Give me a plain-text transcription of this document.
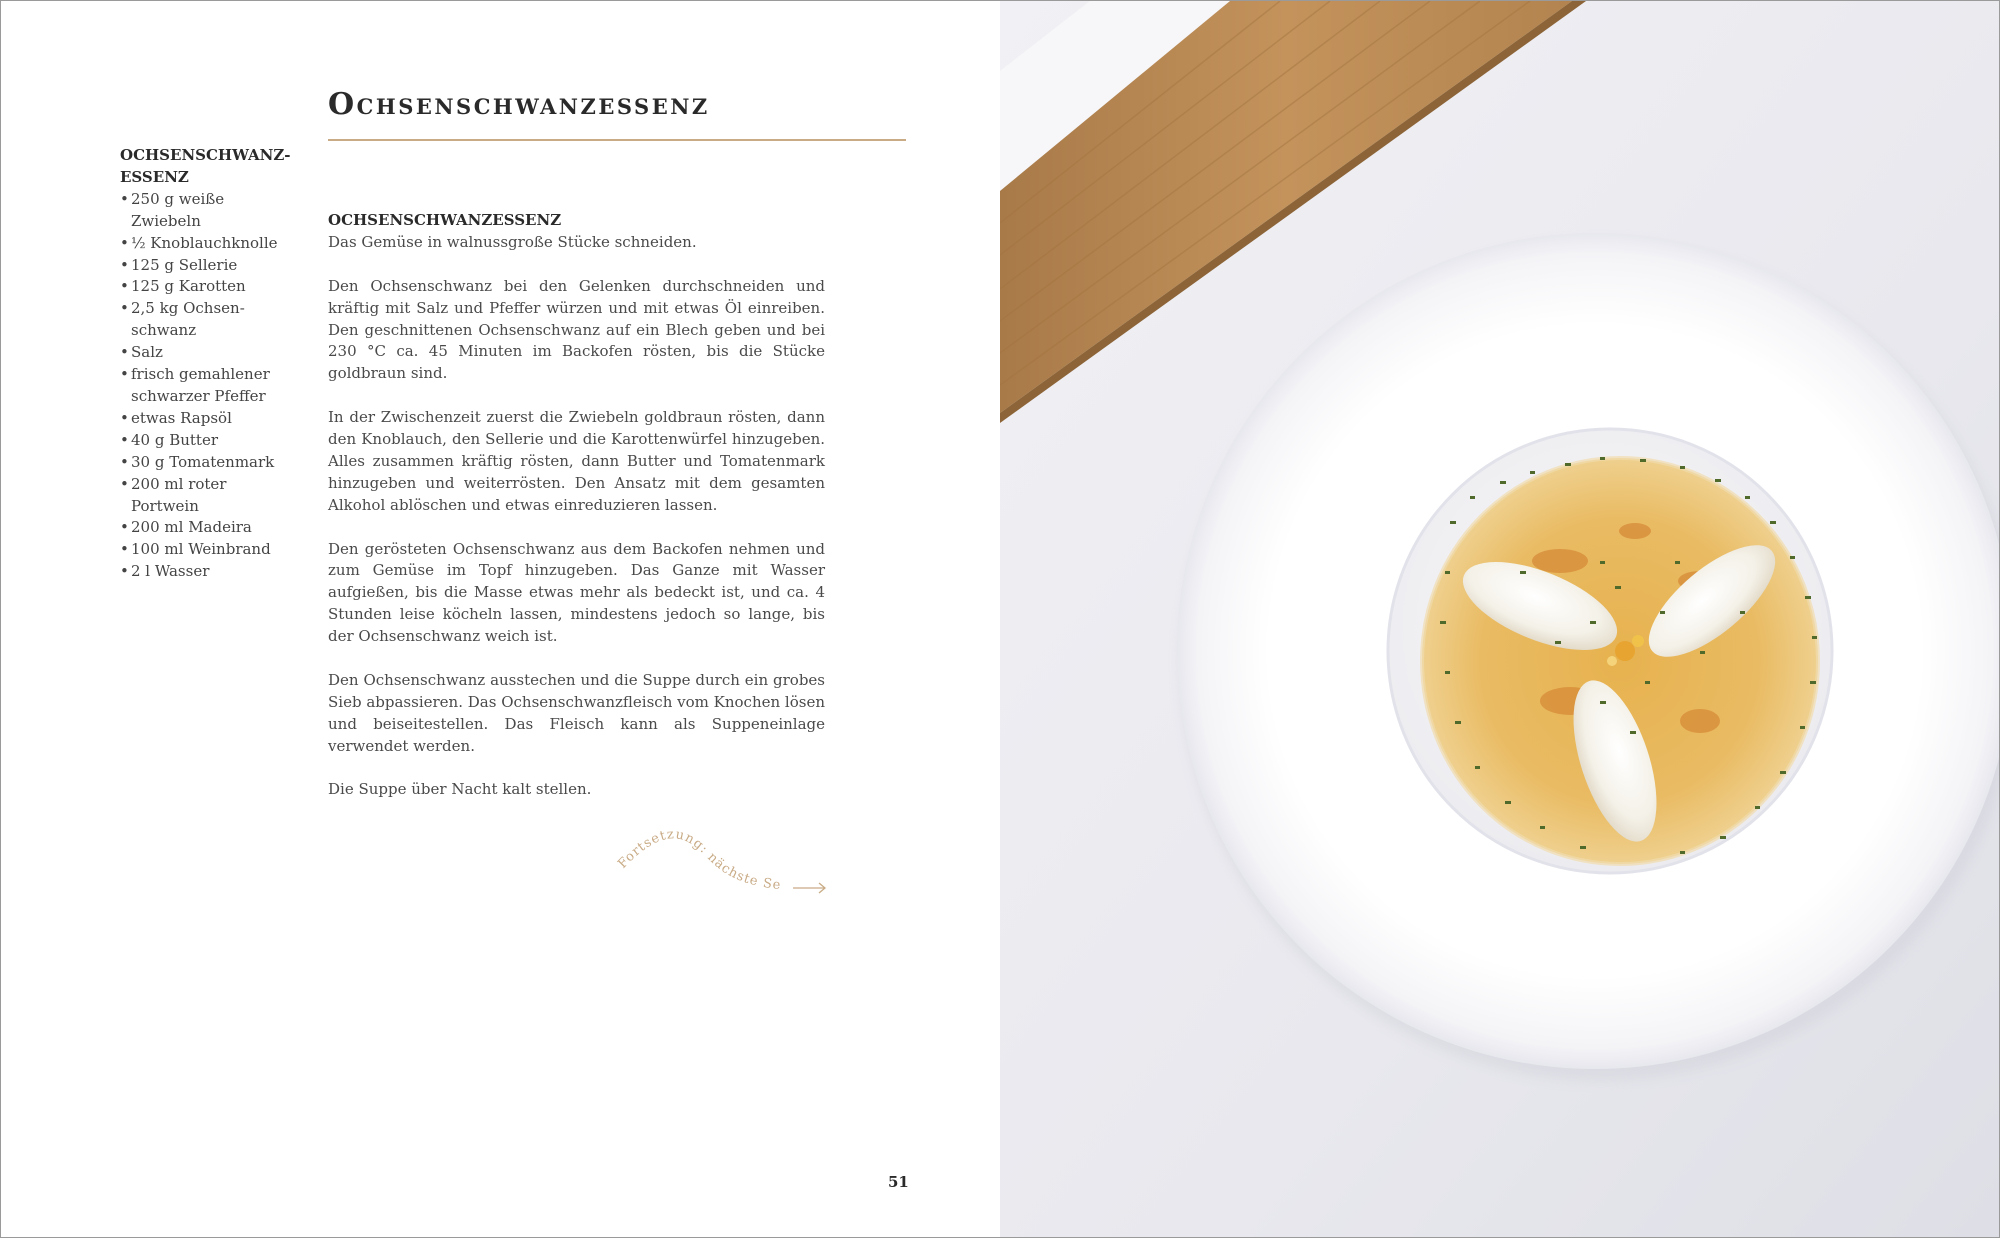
Ochsenschwanzessenz

OCHSENSCHWANZ-
ESSENZ

• 250 g weiße Zwiebeln
• ½ Knoblauchknolle
• 125 g Sellerie
• 125 g Karotten
• 2,5 kg Ochsenschwanz
• Salz
• frisch gemahlener schwarzer Pfeffer
• etwas Rapsöl
• 40 g Butter
• 30 g Tomatenmark
• 200 ml roter Portwein
• 200 ml Madeira
• 100 ml Weinbrand
• 2 l Wasser

OCHSENSCHWANZESSENZ

Das Gemüse in walnussgroße Stücke schneiden.

Den Ochsenschwanz bei den Gelenken durchschneiden und kräftig mit Salz und Pfeffer würzen und mit etwas Öl einreiben. Den geschnittenen Ochsenschwanz auf ein Blech geben und bei 230 °C ca. 45 Minuten im Backofen rösten, bis die Stücke goldbraun sind.

In der Zwischenzeit zuerst die Zwiebeln goldbraun rösten, dann den Knoblauch, den Sellerie und die Karottenwürfel hinzugeben. Alles zusammen kräftig rösten, dann Butter und Tomatenmark hinzugeben und weiterrösten. Den Ansatz mit dem gesamten Alkohol ablöschen und etwas einreduzieren lassen.

Den gerösteten Ochsenschwanz aus dem Backofen nehmen und zum Gemüse im Topf hinzugeben. Das Ganze mit Wasser aufgießen, bis die Masse etwas mehr als bedeckt ist, und ca. 4 Stunden leise köcheln lassen, mindestens jedoch so lange, bis der Ochsenschwanz weich ist.

Den Ochsenschwanz ausstechen und die Suppe durch ein grobes Sieb abpassieren. Das Ochsenschwanzfleisch vom Knochen lösen und beiseitestellen. Das Fleisch kann als Suppeneinlage verwendet werden.

Die Suppe über Nacht kalt stellen.

Fortsetzung: nächste Seite
51
